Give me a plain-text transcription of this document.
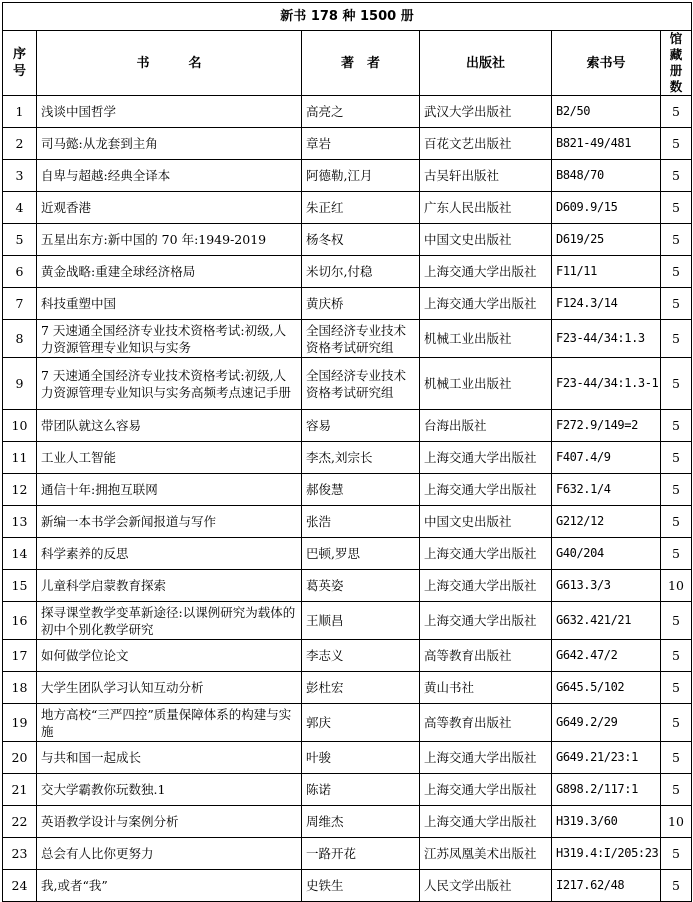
新书 178 种 1500 册					
序号	书　　　名	著　者	出版社	索书号	馆藏册数
1	浅谈中国哲学	高亮之	武汉大学出版社	B2/50	5
2	司马懿:从龙套到主角	章岩	百花文艺出版社	B821-49/481	5
3	自卑与超越:经典全译本	阿德勒,江月	古吴轩出版社	B848/70	5
4	近观香港	朱正红	广东人民出版社	D609.9/15	5
5	五星出东方:新中国的 70 年:1949-2019	杨冬权	中国文史出版社	D619/25	5
6	黄金战略:重建全球经济格局	米切尔,付稳	上海交通大学出版社	F11/11	5
7	科技重塑中国	黄庆桥	上海交通大学出版社	F124.3/14	5
8	7 天速通全国经济专业技术资格考试:初级,人力资源管理专业知识与实务	全国经济专业技术资格考试研究组	机械工业出版社	F23-44/34:1.3	5
9	7 天速通全国经济专业技术资格考试:初级,人力资源管理专业知识与实务高频考点速记手册	全国经济专业技术资格考试研究组	机械工业出版社	F23-44/34:1.3-1	5
10	带团队就这么容易	容易	台海出版社	F272.9/149=2	5
11	工业人工智能	李杰,刘宗长	上海交通大学出版社	F407.4/9	5
12	通信十年:拥抱互联网	郝俊慧	上海交通大学出版社	F632.1/4	5
13	新编一本书学会新闻报道与写作	张浩	中国文史出版社	G212/12	5
14	科学素养的反思	巴顿,罗思	上海交通大学出版社	G40/204	5
15	儿童科学启蒙教育探索	葛英姿	上海交通大学出版社	G613.3/3	10
16	探寻课堂教学变革新途径:以课例研究为载体的初中个别化教学研究	王顺昌	上海交通大学出版社	G632.421/21	5
17	如何做学位论文	李志义	高等教育出版社	G642.47/2	5
18	大学生团队学习认知互动分析	彭杜宏	黄山书社	G645.5/102	5
19	地方高校“三严四控”质量保障体系的构建与实施	郭庆	高等教育出版社	G649.2/29	5
20	与共和国一起成长	叶骏	上海交通大学出版社	G649.21/23:1	5
21	交大学霸教你玩数独.1	陈诺	上海交通大学出版社	G898.2/117:1	5
22	英语教学设计与案例分析	周维杰	上海交通大学出版社	H319.3/60	10
23	总会有人比你更努力	一路开花	江苏凤凰美术出版社	H319.4:I/205:23	5
24	我,或者“我”	史铁生	人民文学出版社	I217.62/48	5
